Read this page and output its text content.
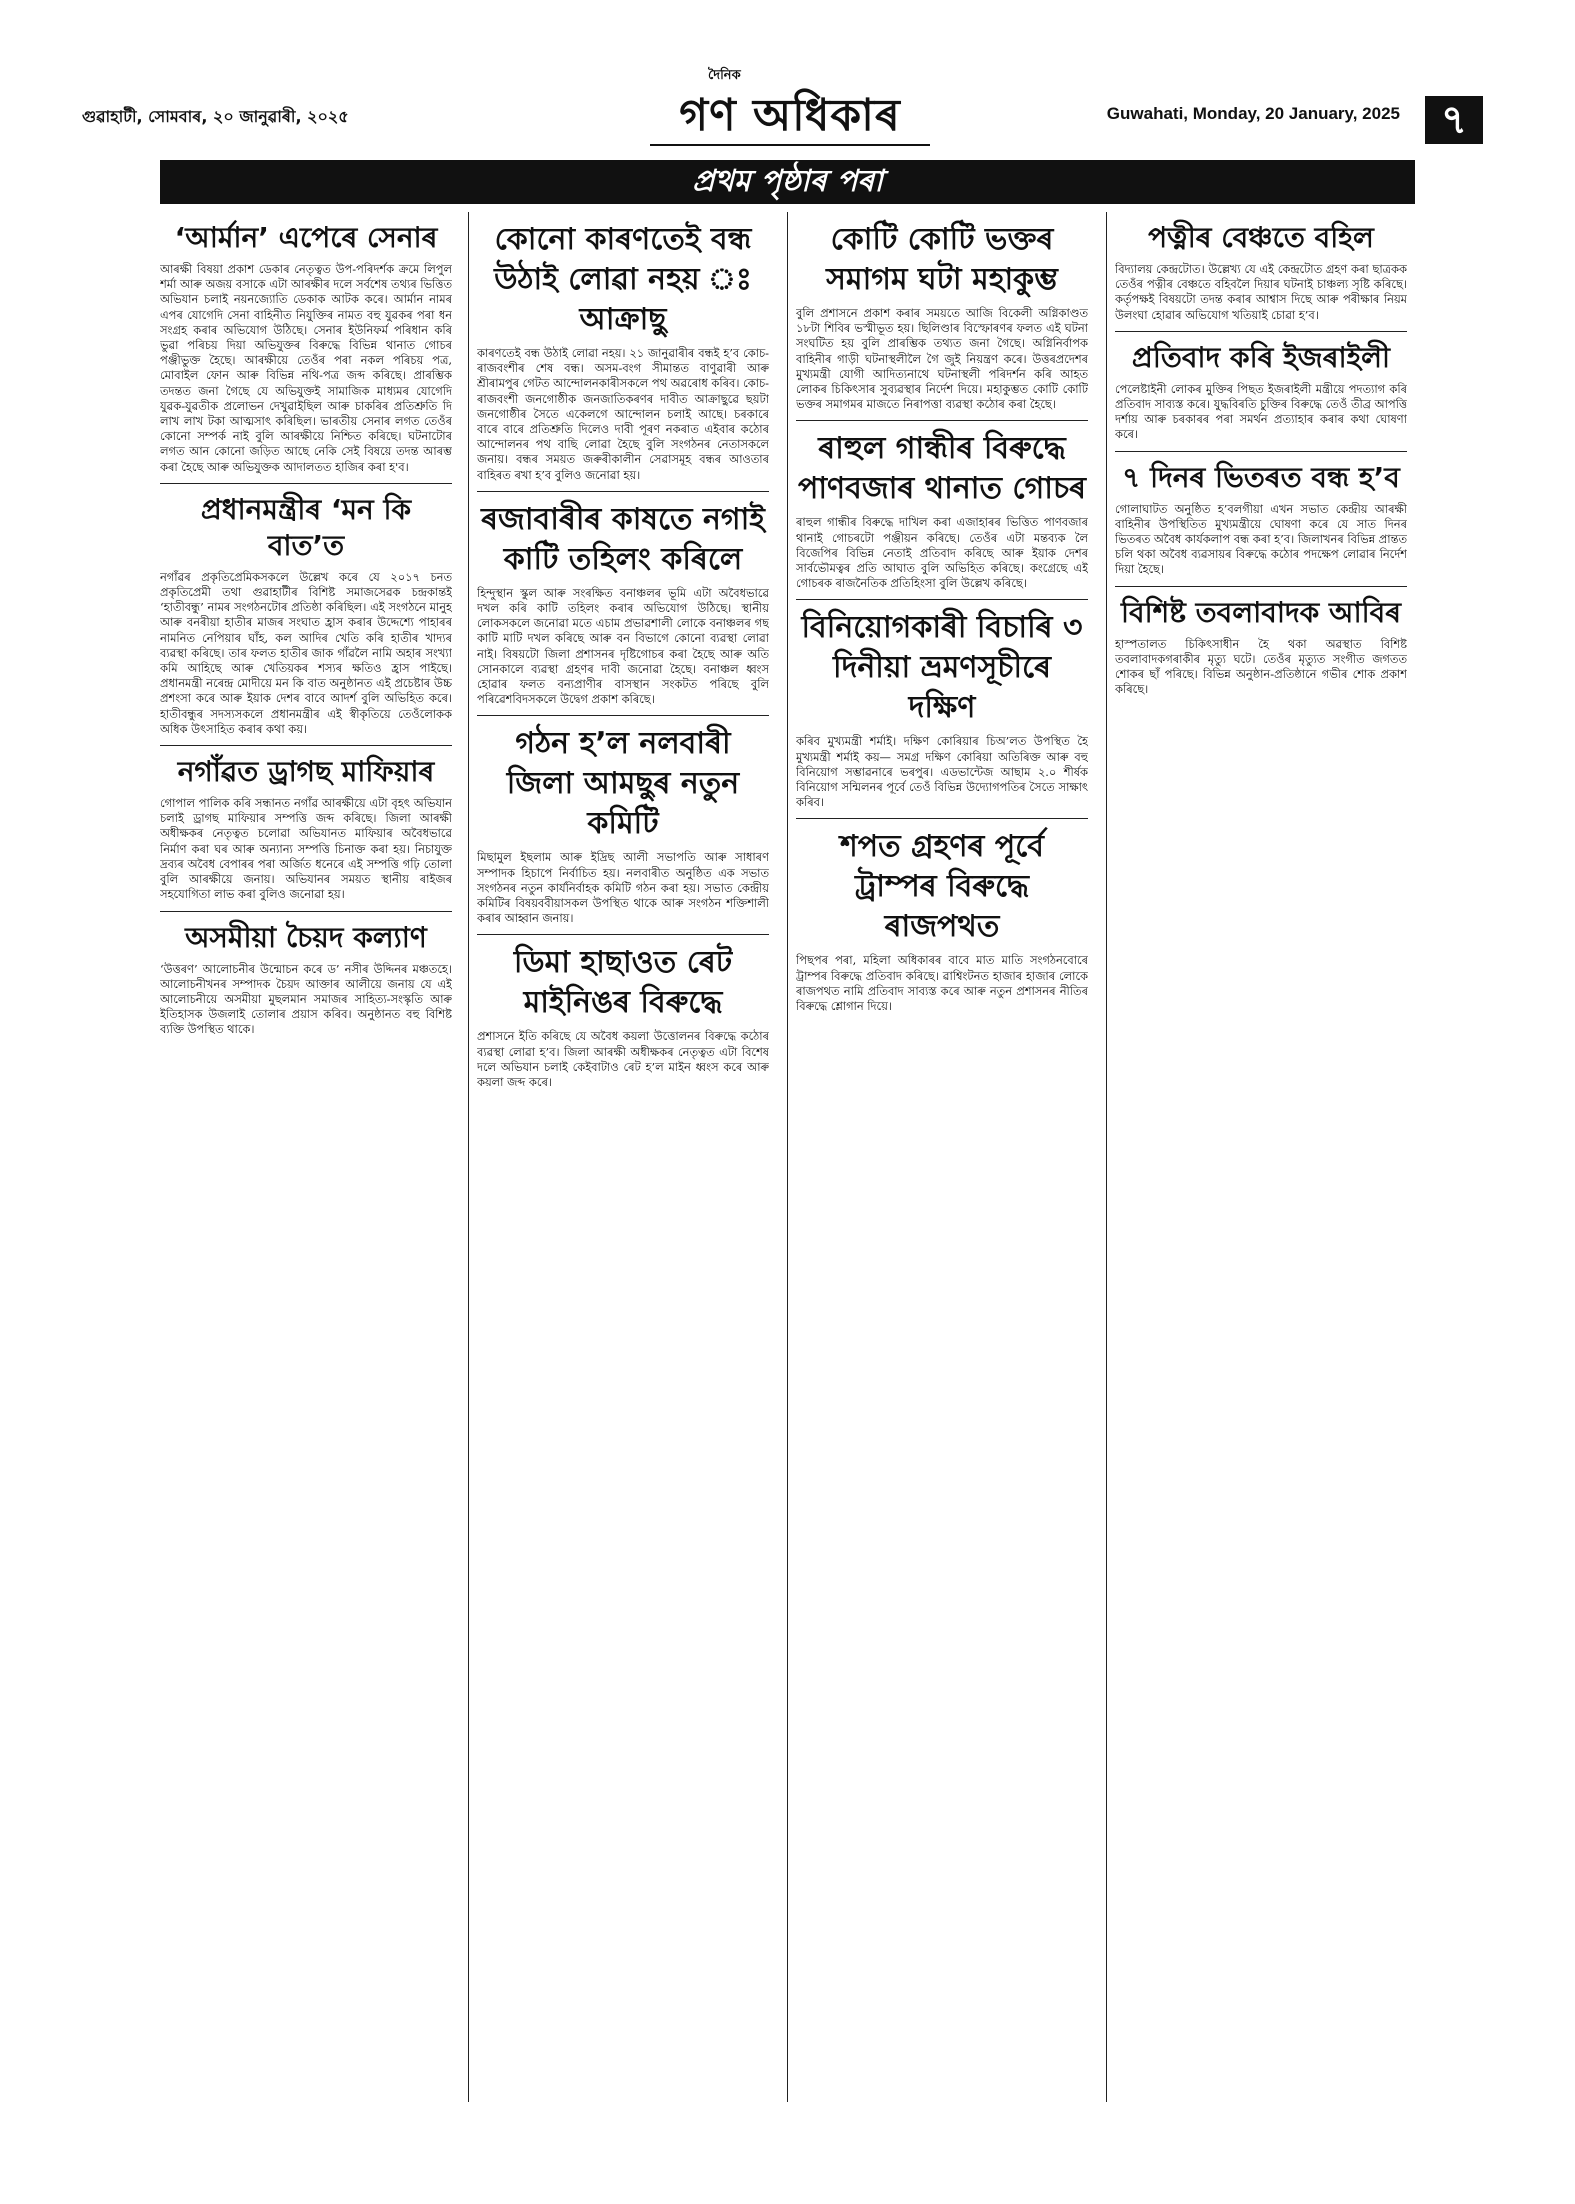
গুৱাহাটী, সোমবাৰ, ২০ জানুৱাৰী, ২০২৫
দৈনিক
গণ অধিকাৰ	Guwahati, Monday, 20 January, 2025	৭
প্ৰথম পৃষ্ঠাৰ পৰা
‘আৰ্মান’ এপেৰে সেনাৰ

আৰক্ষী বিষয়া প্ৰকাশ ডেকাৰ নেতৃত্বত উপ-পৰিদৰ্শক ক্ৰমে লিপুল শৰ্মা আৰু অজয় বসাকে এটা আৰক্ষীৰ দলে সৰ্বশেষ তথ্যৰ ভিত্তিত অভিযান চলাই নয়নজ্যোতি ডেকাক আটক কৰে। আৰ্মান নামৰ এপৰ যোগেদি সেনা বাহিনীত নিযুক্তিৰ নামত বহু যুৱকৰ পৰা ধন সংগ্ৰহ কৰাৰ অভিযোগ উঠিছে। সেনাৰ ইউনিফৰ্ম পৰিধান কৰি ভুৱা পৰিচয় দিয়া অভিযুক্তৰ বিৰুদ্ধে বিভিন্ন থানাত গোচৰ পঞ্জীভুক্ত হৈছে। আৰক্ষীয়ে তেওঁৰ পৰা নকল পৰিচয় পত্ৰ, মোবাইল ফোন আৰু বিভিন্ন নথি-পত্ৰ জব্দ কৰিছে। প্ৰাৰম্ভিক তদন্তত জনা গৈছে যে অভিযুক্তই সামাজিক মাধ্যমৰ যোগেদি যুৱক-যুৱতীক প্ৰলোভন দেখুৱাইছিল আৰু চাকৰিৰ প্ৰতিশ্ৰুতি দি লাখ লাখ টকা আত্মসাৎ কৰিছিল। ভাৰতীয় সেনাৰ লগত তেওঁৰ কোনো সম্পৰ্ক নাই বুলি আৰক্ষীয়ে নিশ্চিত কৰিছে। ঘটনাটোৰ লগত আন কোনো জড়িত আছে নেকি সেই বিষয়ে তদন্ত আৰম্ভ কৰা হৈছে আৰু অভিযুক্তক আদালতত হাজিৰ কৰা হ'ব।

প্ৰধানমন্ত্ৰীৰ ‘মন কি বাত’ত

নগাঁৱৰ প্ৰকৃতিপ্ৰেমিকসকলে উল্লেখ কৰে যে ২০১৭ চনত প্ৰকৃতিপ্ৰেমী তথা গুৱাহাটীৰ বিশিষ্ট সমাজসেৱক চন্দ্ৰকান্তই ‘হাতীবন্ধু’ নামৰ সংগঠনটোৰ প্ৰতিষ্ঠা কৰিছিল। এই সংগঠনে মানুহ আৰু বনৰীয়া হাতীৰ মাজৰ সংঘাত হ্ৰাস কৰাৰ উদ্দেশ্যে পাহাৰৰ নামনিত নেপিয়াৰ ঘাঁহ, কল আদিৰ খেতি কৰি হাতীৰ খাদ্যৰ ব্যৱস্থা কৰিছে। তাৰ ফলত হাতীৰ জাক গাঁৱলৈ নামি অহাৰ সংখ্যা কমি আহিছে আৰু খেতিয়কৰ শস্যৰ ক্ষতিও হ্ৰাস পাইছে। প্ৰধানমন্ত্ৰী নৰেন্দ্ৰ মোদীয়ে মন কি বাত অনুষ্ঠানত এই প্ৰচেষ্টাৰ উচ্চ প্ৰশংসা কৰে আৰু ইয়াক দেশৰ বাবে আদৰ্শ বুলি অভিহিত কৰে। হাতীবন্ধুৰ সদস্যসকলে প্ৰধানমন্ত্ৰীৰ এই স্বীকৃতিয়ে তেওঁলোকক অধিক উৎসাহিত কৰাৰ কথা কয়।

নগাঁৱত ড্ৰাগছ মাফিয়াৰ

গোপাল পালিক কৰি সন্ধানত নগাঁৱ আৰক্ষীয়ে এটা বৃহৎ অভিযান চলাই ড্ৰাগছ মাফিয়াৰ সম্পত্তি জব্দ কৰিছে। জিলা আৰক্ষী অধীক্ষকৰ নেতৃত্বত চলোৱা অভিযানত মাফিয়াৰ অবৈধভাৱে নিৰ্মাণ কৰা ঘৰ আৰু অন্যান্য সম্পত্তি চিনাক্ত কৰা হয়। নিচাযুক্ত দ্ৰব্যৰ অবৈধ বেপাৰৰ পৰা অৰ্জিত ধনেৰে এই সম্পত্তি গঢ়ি তোলা বুলি আৰক্ষীয়ে জনায়। অভিযানৰ সময়ত স্থানীয় ৰাইজৰ সহযোগিতা লাভ কৰা বুলিও জনোৱা হয়।

অসমীয়া চৈয়দ কল্যাণ

‘উত্তৰণ’ আলোচনীৰ উন্মোচন কৰে ড’ নসীৰ উদ্দিনৰ মঞ্চতহে। আলোচনীখনৰ সম্পাদক চৈয়দ আক্তাৰ আলীয়ে জনায় যে এই আলোচনীয়ে অসমীয়া মুছলমান সমাজৰ সাহিত্য-সংস্কৃতি আৰু ইতিহাসক উজলাই তোলাৰ প্ৰয়াস কৰিব। অনুষ্ঠানত বহু বিশিষ্ট ব্যক্তি উপস্থিত থাকে।

কোনো কাৰণতেই বন্ধ উঠাই লোৱা নহয় ঃ আক্ৰাছু

কাৰণতেই বন্ধ উঠাই লোৱা নহয়। ২১ জানুৱাৰীৰ বন্ধই হ’ব কোচ-ৰাজবংশীৰ শেষ বন্ধ। অসম-বংগ সীমান্তত বাণুৱাৰী আৰু শ্ৰীৰামপুৰ গেটত আন্দোলনকাৰীসকলে পথ অৱৰোধ কৰিব। কোচ-ৰাজবংশী জনগোষ্ঠীক জনজাতিকৰণৰ দাবীত আক্ৰাছুৱে ছয়টা জনগোষ্ঠীৰ সৈতে একেলগে আন্দোলন চলাই আছে। চৰকাৰে বাৰে বাৰে প্ৰতিশ্ৰুতি দিলেও দাবী পূৰণ নকৰাত এইবাৰ কঠোৰ আন্দোলনৰ পথ বাছি লোৱা হৈছে বুলি সংগঠনৰ নেতাসকলে জনায়। বন্ধৰ সময়ত জৰুৰীকালীন সেৱাসমূহ বন্ধৰ আওতাৰ বাহিৰত ৰখা হ’ব বুলিও জনোৱা হয়।

ৰজাবাৰীৰ কাষতে নগাই কাটি তহিলং কৰিলে

হিন্দুস্থান স্কুল আৰু সংৰক্ষিত বনাঞ্চলৰ ভূমি এটা অবৈধভাৱে দখল কৰি কাটি তহিলং কৰাৰ অভিযোগ উঠিছে। স্থানীয় লোকসকলে জনোৱা মতে এচাম প্ৰভাৱশালী লোকে বনাঞ্চলৰ গছ কাটি মাটি দখল কৰিছে আৰু বন বিভাগে কোনো ব্যৱস্থা লোৱা নাই। বিষয়টো জিলা প্ৰশাসনৰ দৃষ্টিগোচৰ কৰা হৈছে আৰু অতি সোনকালে ব্যৱস্থা গ্ৰহণৰ দাবী জনোৱা হৈছে। বনাঞ্চল ধ্বংস হোৱাৰ ফলত বন্যপ্ৰাণীৰ বাসস্থান সংকটত পৰিছে বুলি পৰিৱেশবিদসকলে উদ্বেগ প্ৰকাশ কৰিছে।

গঠন হ’ল নলবাৰী জিলা আমছুৰ নতুন কমিটি

মিছামুল ইছলাম আৰু ইদ্ৰিছ আলী সভাপতি আৰু সাধাৰণ সম্পাদক হিচাপে নিৰ্বাচিত হয়। নলবাৰীত অনুষ্ঠিত এক সভাত সংগঠনৰ নতুন কাৰ্যনিৰ্বাহক কমিটি গঠন কৰা হয়। সভাত কেন্দ্ৰীয় কমিটিৰ বিষয়ববীয়াসকল উপস্থিত থাকে আৰু সংগঠন শক্তিশালী কৰাৰ আহ্বান জনায়।

ডিমা হাছাওত ৰেট মাইনিঙৰ বিৰুদ্ধে

প্ৰশাসনে ইতি কৰিছে যে অবৈধ কয়লা উত্তোলনৰ বিৰুদ্ধে কঠোৰ ব্যৱস্থা লোৱা হ’ব। জিলা আৰক্ষী অধীক্ষকৰ নেতৃত্বত এটা বিশেষ দলে অভিযান চলাই কেইবাটাও ৰেট হ’ল মাইন ধ্বংস কৰে আৰু কয়লা জব্দ কৰে।

কোটি কোটি ভক্তৰ সমাগম ঘটা মহাকুম্ভ

বুলি প্ৰশাসনে প্ৰকাশ কৰাৰ সময়তে আজি বিকেলী অগ্নিকাণ্ডত ১৮টা শিবিৰ ভস্মীভূত হয়। ছিলিণ্ডাৰ বিস্ফোৰণৰ ফলত এই ঘটনা সংঘটিত হয় বুলি প্ৰাৰম্ভিক তথ্যত জনা গৈছে। অগ্নিনিৰ্বাপক বাহিনীৰ গাড়ী ঘটনাস্থলীলৈ গৈ জুই নিয়ন্ত্ৰণ কৰে। উত্তৰপ্ৰদেশৰ মুখ্যমন্ত্ৰী যোগী আদিত্যনাথে ঘটনাস্থলী পৰিদৰ্শন কৰি আহত লোকৰ চিকিৎসাৰ সুব্যৱস্থাৰ নিৰ্দেশ দিয়ে। মহাকুম্ভত কোটি কোটি ভক্তৰ সমাগমৰ মাজতে নিৰাপত্তা ব্যৱস্থা কঠোৰ কৰা হৈছে।

ৰাহুল গান্ধীৰ বিৰুদ্ধে পাণবজাৰ থানাত গোচৰ

ৰাহুল গান্ধীৰ বিৰুদ্ধে দাখিল কৰা এজাহাৰৰ ভিত্তিত পাণবজাৰ থানাই গোচৰটো পঞ্জীয়ন কৰিছে। তেওঁৰ এটা মন্তব্যক লৈ বিজেপিৰ বিভিন্ন নেতাই প্ৰতিবাদ কৰিছে আৰু ইয়াক দেশৰ সাৰ্বভৌমত্বৰ প্ৰতি আঘাত বুলি অভিহিত কৰিছে। কংগ্ৰেছে এই গোচৰক ৰাজনৈতিক প্ৰতিহিংসা বুলি উল্লেখ কৰিছে।

বিনিয়োগকাৰী বিচাৰি ৩ দিনীয়া ভ্ৰমণসূচীৰে দক্ষিণ

কৰিব মুখ্যমন্ত্ৰী শৰ্মাই। দক্ষিণ কোৰিয়াৰ চিঅ’লত উপস্থিত হৈ মুখ্যমন্ত্ৰী শৰ্মাই কয়— সমগ্ৰ দক্ষিণ কোৰিয়া অতিৰিক্ত আৰু বহু বিনিয়োগ সম্ভাৱনাৰে ভৰপুৰ। এডভান্টেজ আছাম ২.০ শীৰ্ষক বিনিয়োগ সন্মিলনৰ পূৰ্বে তেওঁ বিভিন্ন উদ্যোগপতিৰ সৈতে সাক্ষাৎ কৰিব।

শপত গ্ৰহণৰ পূৰ্বে ট্ৰাম্পৰ বিৰুদ্ধে ৰাজপথত

পিছপৰ পৰা, মহিলা অধিকাৰৰ বাবে মাত মাতি সংগঠনবোৰে ট্ৰাম্পৰ বিৰুদ্ধে প্ৰতিবাদ কৰিছে। ৱাশ্বিংটনত হাজাৰ হাজাৰ লোকে ৰাজপথত নামি প্ৰতিবাদ সাব্যস্ত কৰে আৰু নতুন প্ৰশাসনৰ নীতিৰ বিৰুদ্ধে শ্লোগান দিয়ে।

পত্নীৰ বেঞ্চতে বহিল

বিদ্যালয় কেন্দ্ৰটোত। উল্লেখ্য যে এই কেন্দ্ৰটোত গ্ৰহণ কৰা ছাত্ৰকক তেওঁৰ পত্নীৰ বেঞ্চতে বহিবলৈ দিয়াৰ ঘটনাই চাঞ্চল্য সৃষ্টি কৰিছে। কৰ্তৃপক্ষই বিষয়টো তদন্ত কৰাৰ আশ্বাস দিছে আৰু পৰীক্ষাৰ নিয়ম উলংঘা হোৱাৰ অভিযোগ খতিয়াই চোৱা হ’ব।

প্ৰতিবাদ কৰি ইজৰাইলী

পেলেষ্টাইনী লোকৰ মুক্তিৰ পিছত ইজৰাইলী মন্ত্ৰীয়ে পদত্যাগ কৰি প্ৰতিবাদ সাব্যস্ত কৰে। যুদ্ধবিৰতি চুক্তিৰ বিৰুদ্ধে তেওঁ তীব্ৰ আপত্তি দৰ্শায় আৰু চৰকাৰৰ পৰা সমৰ্থন প্ৰত্যাহাৰ কৰাৰ কথা ঘোষণা কৰে।

৭ দিনৰ ভিতৰত বন্ধ হ’ব

গোলাঘাটত অনুষ্ঠিত হ’বলগীয়া এখন সভাত কেন্দ্ৰীয় আৰক্ষী বাহিনীৰ উপস্থিতিত মুখ্যমন্ত্ৰীয়ে ঘোষণা কৰে যে সাত দিনৰ ভিতৰত অবৈধ কাৰ্যকলাপ বন্ধ কৰা হ’ব। জিলাখনৰ বিভিন্ন প্ৰান্তত চলি থকা অবৈধ ব্যৱসায়ৰ বিৰুদ্ধে কঠোৰ পদক্ষেপ লোৱাৰ নিৰ্দেশ দিয়া হৈছে।

বিশিষ্ট তবলাবাদক আবিৰ

হাস্পতালত চিকিৎসাধীন হৈ থকা অৱস্থাত বিশিষ্ট তবলাবাদকগৰাকীৰ মৃত্যু ঘটে। তেওঁৰ মৃত্যুত সংগীত জগতত শোকৰ ছাঁ পৰিছে। বিভিন্ন অনুষ্ঠান-প্ৰতিষ্ঠানে গভীৰ শোক প্ৰকাশ কৰিছে।
